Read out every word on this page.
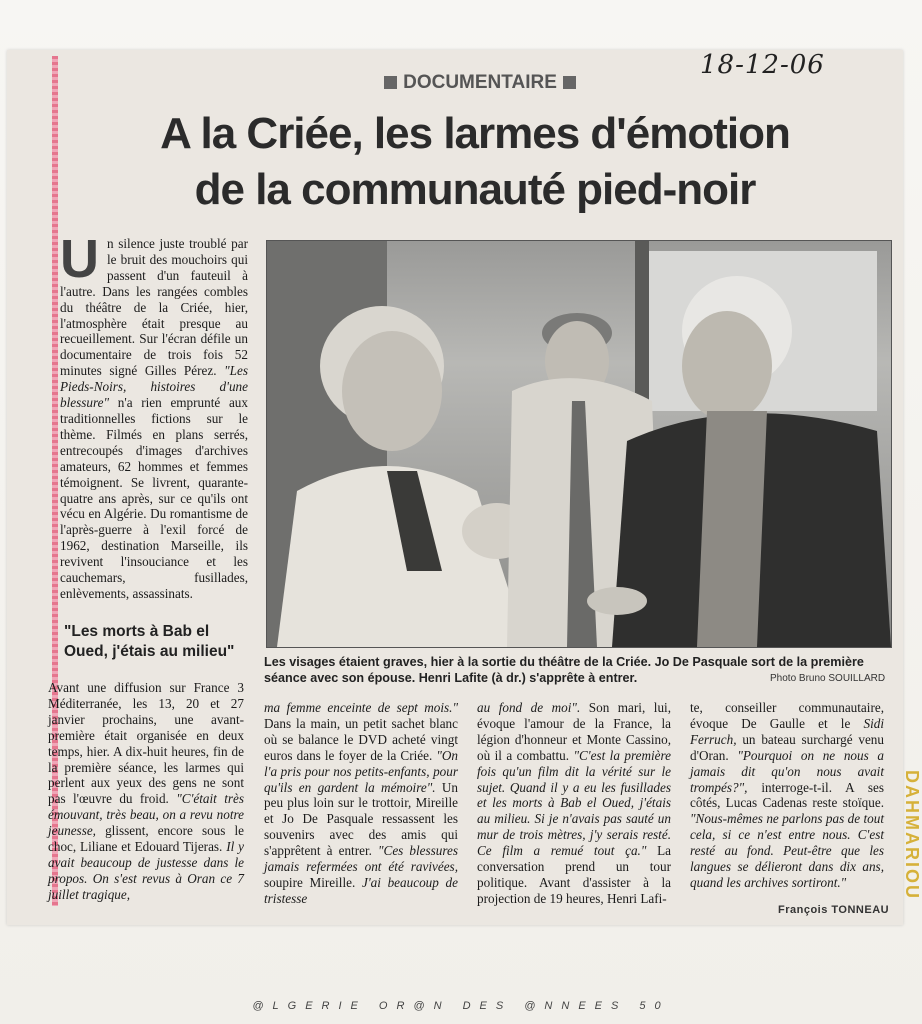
18-12-06
DOCUMENTAIRE
A la Criée, les larmes d'émotion
de la communauté pied-noir

Un silence juste troublé par le bruit des mouchoirs qui passent d'un fauteuil à l'autre. Dans les rangées combles du théâtre de la Criée, hier, l'atmosphère était presque au recueillement. Sur l'écran défile un documentaire de trois fois 52 minutes signé Gilles Pérez. "Les Pieds-Noirs, histoires d'une blessure" n'a rien emprunté aux traditionnelles fictions sur le thème. Filmés en plans serrés, entrecoupés d'images d'archives amateurs, 62 hommes et femmes témoignent. Se livrent, quarante-quatre ans après, sur ce qu'ils ont vécu en Algérie. Du romantisme de l'après-guerre à l'exil forcé de 1962, destination Marseille, ils revivent l'insouciance et les cauchemars, fusillades, enlèvements, assassinats.

"Les morts à Bab el Oued, j'étais au milieu"

Avant une diffusion sur France 3 Méditerranée, les 13, 20 et 27 janvier prochains, une avant-première était organisée en deux temps, hier. A dix-huit heures, fin de la première séance, les larmes qui perlent aux yeux des gens ne sont pas l'œuvre du froid. "C'était très émouvant, très beau, on a revu notre jeunesse, glissent, encore sous le choc, Liliane et Edouard Tijeras. Il y avait beaucoup de justesse dans le propos. On s'est revus à Oran ce 7 juillet tragique,

Les visages étaient graves, hier à la sortie du théâtre de la Criée. Jo De Pasquale sort de la première séance avec son épouse. Henri Lafite (à dr.) s'apprête à entrer.	Photo Bruno SOUILLARD

ma femme enceinte de sept mois." Dans la main, un petit sachet blanc où se balance le DVD acheté vingt euros dans le foyer de la Criée. "On l'a pris pour nos petits-enfants, pour qu'ils en gardent la mémoire". Un peu plus loin sur le trottoir, Mireille et Jo De Pasquale ressassent les souvenirs avec des amis qui s'apprêtent à entrer. "Ces blessures jamais refermées ont été ravivées, soupire Mireille. J'ai beaucoup de tristesse

au fond de moi". Son mari, lui, évoque l'amour de la France, la légion d'honneur et Monte Cassino, où il a combattu. "C'est la première fois qu'un film dit la vérité sur le sujet. Quand il y a eu les fusillades et les morts à Bab el Oued, j'étais au milieu. Si je n'avais pas sauté un mur de trois mètres, j'y serais resté. Ce film a remué tout ça." La conversation prend un tour politique. Avant d'assister à la projection de 19 heures, Henri Lafi-

te, conseiller communautaire, évoque De Gaulle et le Sidi Ferruch, un bateau surchargé venu d'Oran. "Pourquoi on ne nous a jamais dit qu'on nous avait trompés?", interroge-t-il. A ses côtés, Lucas Cadenas reste stoïque. "Nous-mêmes ne parlons pas de tout cela, si ce n'est entre nous. C'est resté au fond. Peut-être que les langues se délieront dans dix ans, quand les archives sortiront."

François TONNEAU
DAHMARIOU
@LGERIE OR@N DES @NNEES 50
